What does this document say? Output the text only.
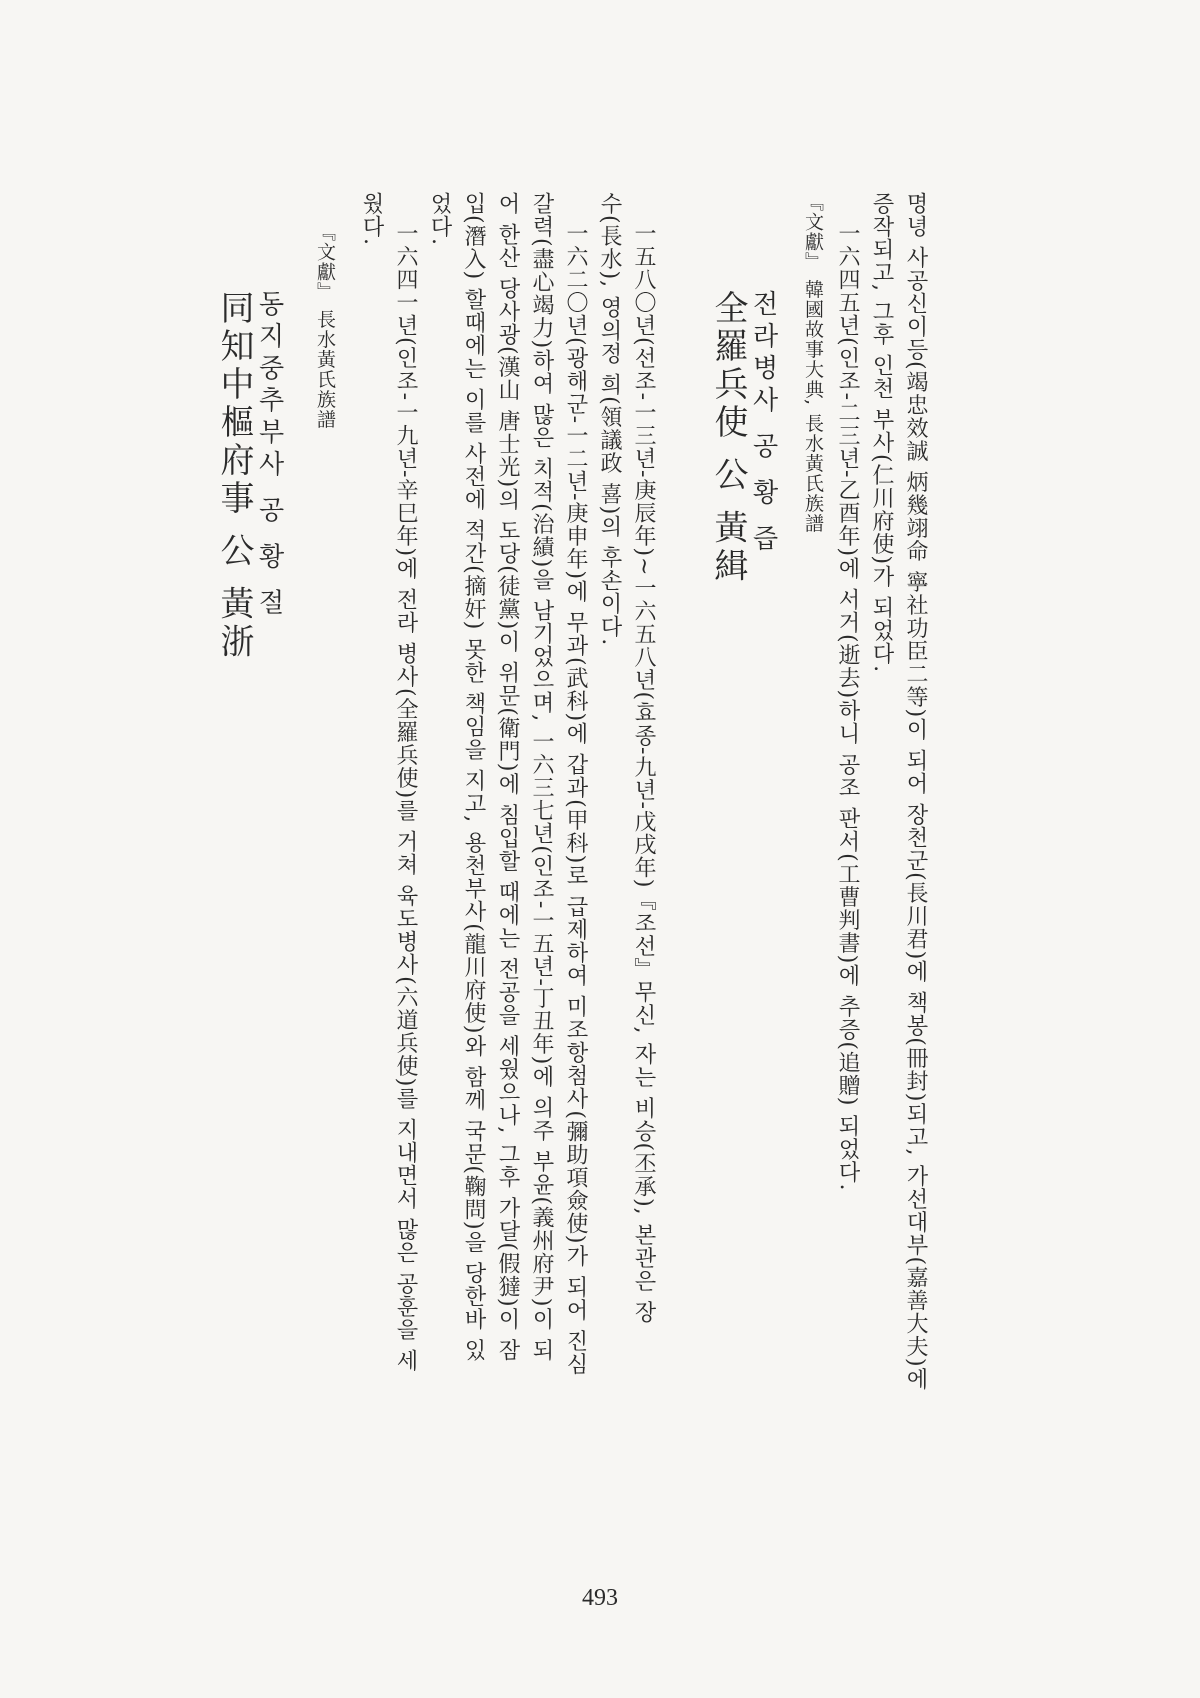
명녕 사공신이등(竭忠效誠 炳幾翊命 寧社功臣二等)이 되어 장천군(長川君)에 책봉(冊封)되고, 가선대부(嘉善大夫)에
증작되고, 그후 인천 부사(仁川府使)가 되었다.
一六四五년(인조-二三년-乙酉年)에 서거(逝去)하니 공조 판서(工曹判書)에 추증(追贈) 되었다.
『文獻』 韓國故事大典, 長水黃氏族譜
전라병사 공 황 즙
全羅兵使 公 黃緝
一五八〇년(선조-一三년-庚辰年)~一六五八년(효종-九년-戊戌年)『조선』무신, 자는 비승(丕承), 본관은 장
수(長水), 영의정 희(領議政 喜)의 후손이다.
一六二〇년(광해군-一二년-庚申年)에 무과(武科)에 갑과(甲科)로 급제하여 미조항첨사(彌助項僉使)가 되어 진심
갈력(盡心竭力)하여 많은 치적(治績)을 남기었으며, 一六三七년(인조-一五년-丁丑年)에 의주 부윤(義州府尹)이 되
어 한산 당사광(漢山 唐士光)의 도당(徒黨)이 위문(衛門)에 침입할 때에는 전공을 세웠으나, 그후 가달(假㺚)이 잠
입(潛入) 할때에는 이를 사전에 적간(摘奸) 못한 책임을 지고, 용천부사(龍川府使)와 함께 국문(鞠問)을 당한바 있
었다.
一六四一년(인조-一九년-辛巳年)에 전라 병사(全羅兵使)를 거쳐 육도병사(六道兵使)를 지내면서 많은 공훈을 세
웠다.
『文獻』 長水黃氏族譜
동지중추부사 공 황 절
同知中樞府事 公 黃浙
493
